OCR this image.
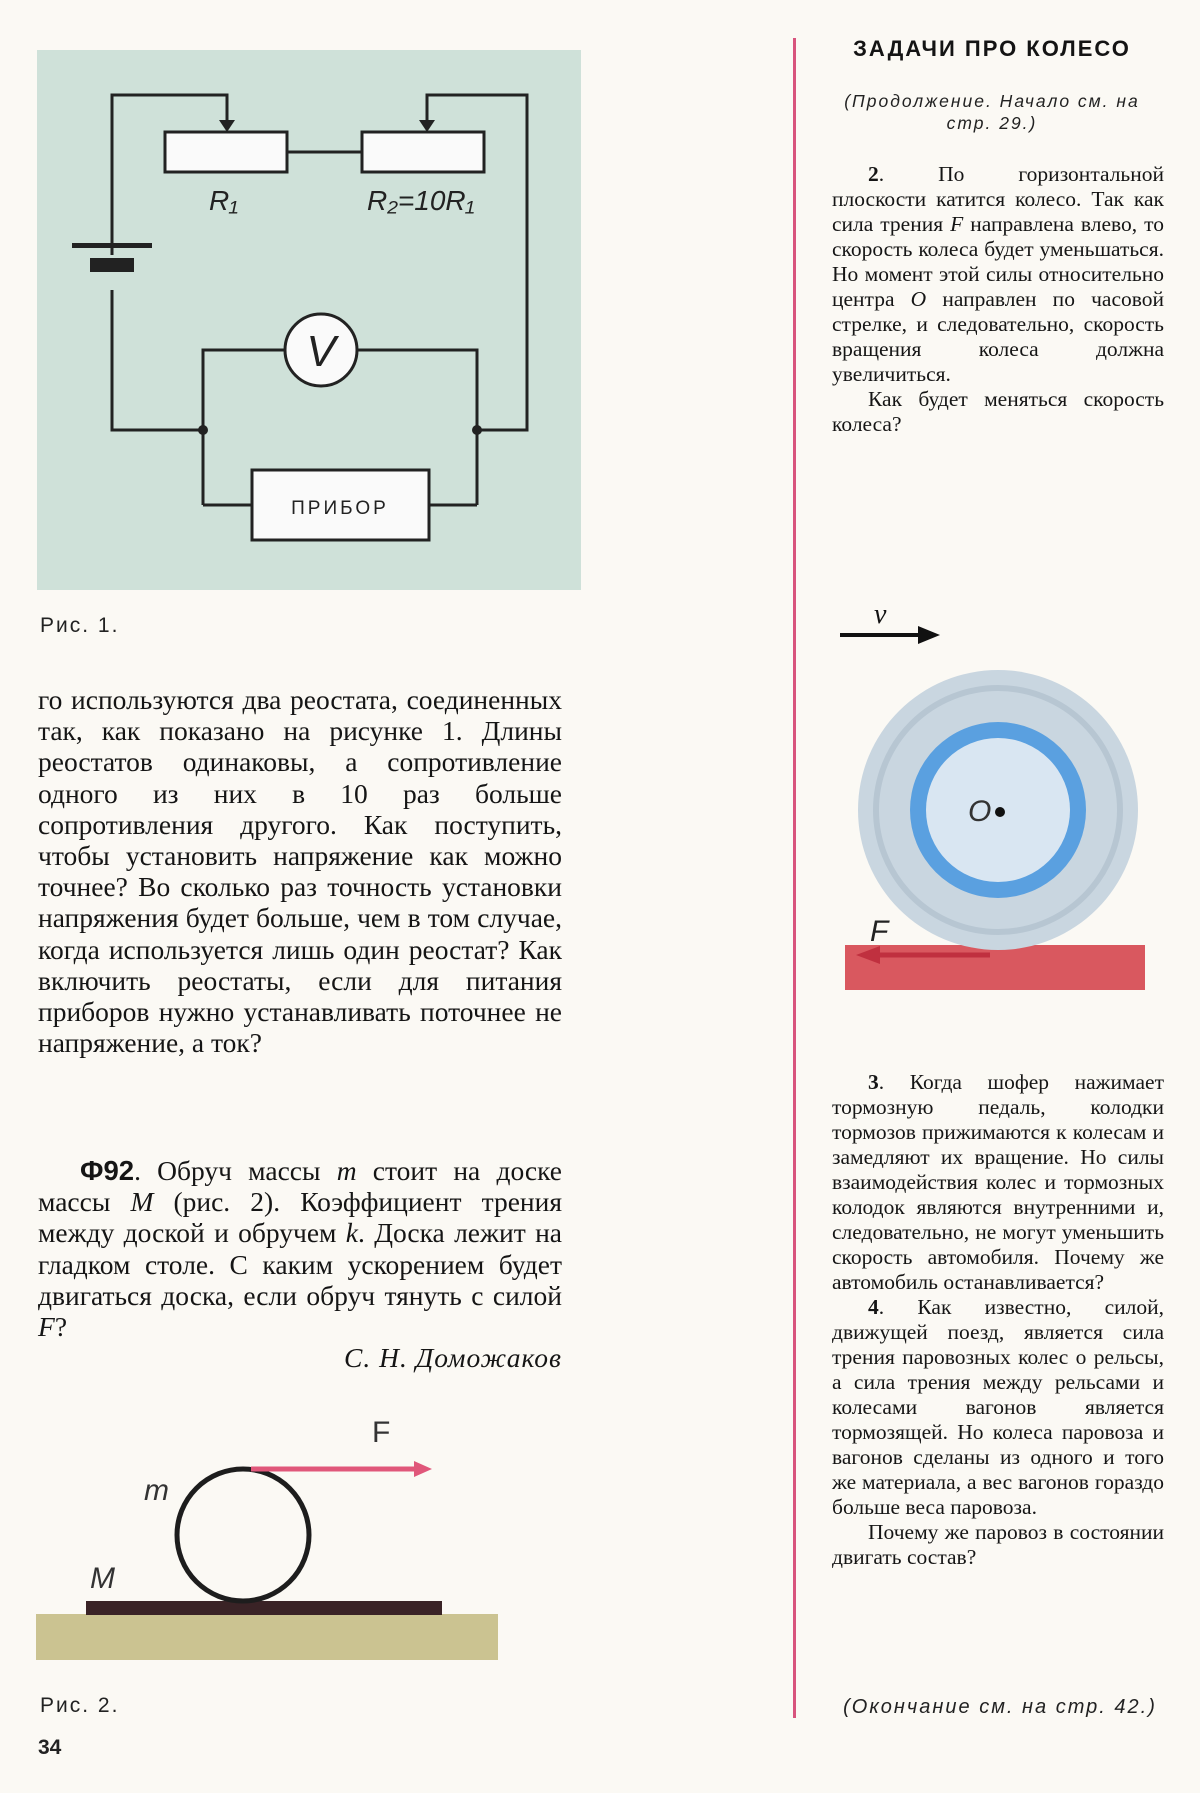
V
ПРИБОР
R₁	R₂=10R₁
Рис. 1.

го используются два реостата, соединенных так, как показано на рисунке 1. Длины реостатов одинаковы, а сопротивление одного из них в 10 раз больше сопротивления другого. Как поступить, чтобы установить напряжение как можно точнее? Во сколько раз точность установки напряжения будет больше, чем в том случае, когда используется лишь один реостат? Как включить реостаты, если для питания приборов нужно устанавливать поточнее не напряжение, а ток?

Ф92. Обруч массы m стоит на доске массы M (рис. 2). Коэффициент трения между доской и обручем k. Доска лежит на гладком столе. С каким ускорением будет двигаться доска, если обруч тянуть с силой F?

С. Н. Доможаков

F
m
M
Рис. 2.
ЗАДАЧИ ПРО КОЛЕСО
(Продолжение. Начало см. на стр. 29.)

2. По горизонтальной плоскости катится колесо. Так как сила трения F направлена влево, то скорость колеса будет уменьшаться. Но момент этой силы относительно центра O направлен по часовой стрелке, и следовательно, скорость вращения колеса должна увеличиться.

Как будет меняться скорость колеса?

v
O
F

3. Когда шофер нажимает тормозную педаль, колодки тормозов прижимаются к колесам и замедляют их вращение. Но силы взаимодействия колес и тормозных колодок являются внутренними и, следовательно, не могут уменьшить скорость автомобиля. Почему же автомобиль останавливается?

4. Как известно, силой, движущей поезд, является сила трения паровозных колес о рельсы, а сила трения между рельсами и колесами вагонов является тормозящей. Но колеса паровоза и вагонов сделаны из одного и того же материала, а вес вагонов гораздо больше веса паровоза.

Почему же паровоз в состоянии двигать состав?

(Окончание см. на стр. 42.)
34
